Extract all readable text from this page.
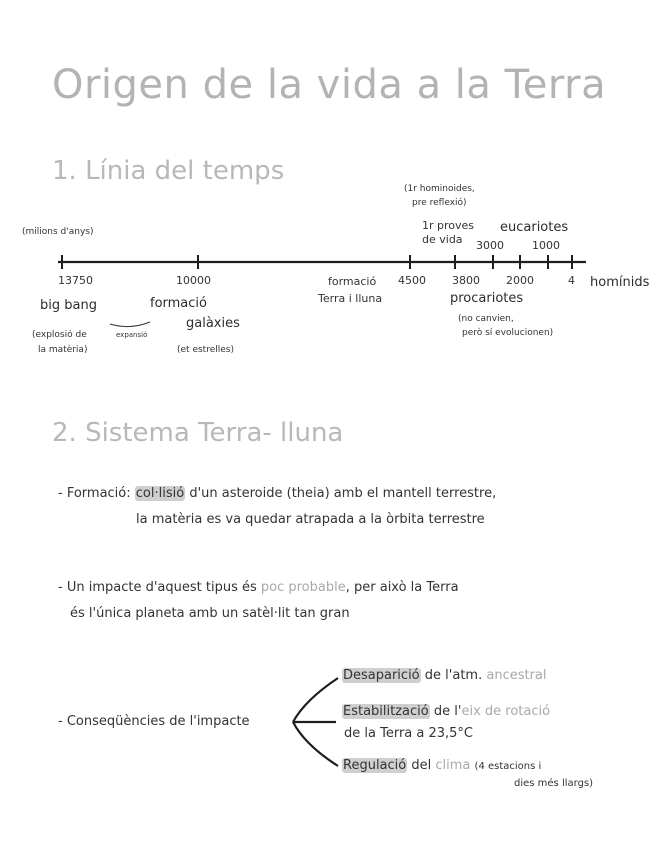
Origen de la vida a la Terra
1. Línia del temps
(milions d'anys)
13750	10000	4500 3800 2000	4
3000	1000
homínids
big bang
(explosió de
la matèria)
expansió
formació
galàxies
(et estrelles)
formació
Terra i lluna
(1r hominoides,
pre reflexió)
1r proves
de vida
eucariotes
procariotes
(no canvien,
però sí evolucionen)
2. Sistema Terra- lluna
- Formació: col·lisió d'un asteroide (theia) amb el mantell terrestre,
la matèria es va quedar atrapada a la òrbita terrestre
- Un impacte d'aquest tipus és poc probable, per això la Terra
és l'única planeta amb un satèl·lit tan gran
- Conseqüències de l'impacte
Desaparició de l'atm. ancestral
Estabilització de l'eix de rotació
de la Terra a 23,5°C
Regulació del clima (4 estacions i
dies més llargs)
